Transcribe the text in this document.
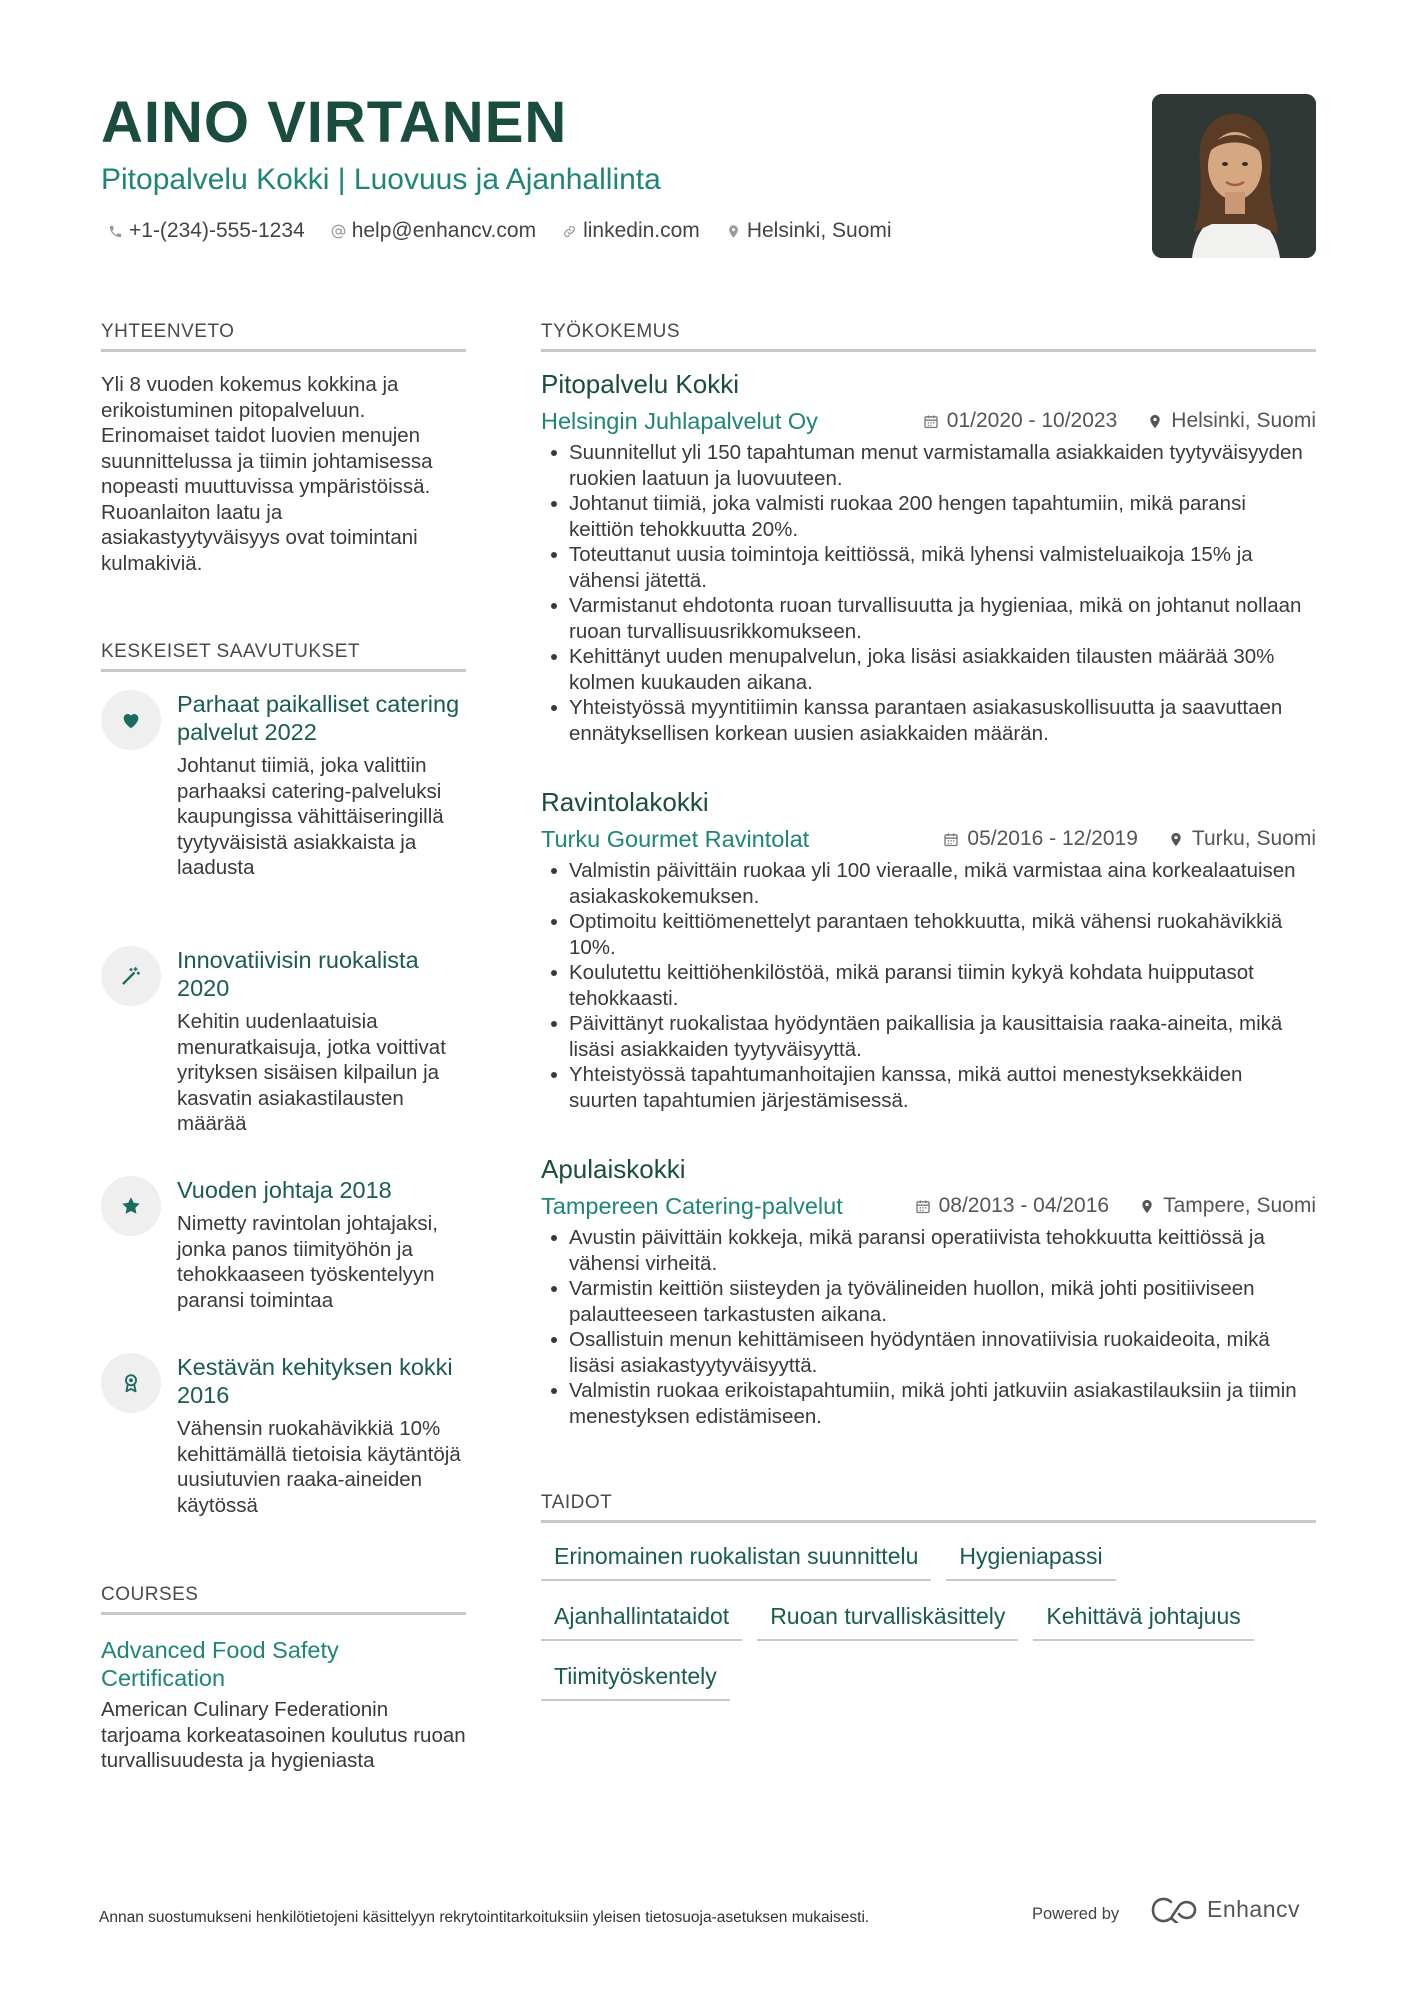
AINO VIRTANEN
Pitopalvelu Kokki | Luovuus ja Ajanhallinta
+1-(234)-555-1234 help@enhancv.com linkedin.com Helsinki, Suomi
YHTEENVETO
Yli 8 vuoden kokemus kokkina ja erikoistuminen pitopalveluun. Erinomaiset taidot luovien menujen suunnittelussa ja tiimin johtamisessa nopeasti muuttuvissa ympäristöissä. Ruoanlaiton laatu ja asiakastyytyväisyys ovat toimintani kulmakiviä.
KESKEISET SAAVUTUKSET
Parhaat paikalliset catering palvelut 2022
Johtanut tiimiä, joka valittiin parhaaksi catering-palveluksi kaupungissa vähittäiseringillä tyytyväisistä asiakkaista ja laadusta
Innovatiivisin ruokalista 2020
Kehitin uudenlaatuisia menuratkaisuja, jotka voittivat yrityksen sisäisen kilpailun ja kasvatin asiakastilausten määrää
Vuoden johtaja 2018
Nimetty ravintolan johtajaksi, jonka panos tiimityöhön ja tehokkaaseen työskentelyyn paransi toimintaa
Kestävän kehityksen kokki 2016
Vähensin ruokahävikkiä 10% kehittämällä tietoisia käytäntöjä uusiutuvien raaka-aineiden käytössä
COURSES
Advanced Food Safety Certification
American Culinary Federationin tarjoama korkeatasoinen koulutus ruoan turvallisuudesta ja hygieniasta
TYÖKOKEMUS
Pitopalvelu Kokki
Helsingin Juhlapalvelut Oy	01/2020 - 10/2023	Helsinki, Suomi
Suunnitellut yli 150 tapahtuman menut varmistamalla asiakkaiden tyytyväisyyden ruokien laatuun ja luovuuteen.
Johtanut tiimiä, joka valmisti ruokaa 200 hengen tapahtumiin, mikä paransi keittiön tehokkuutta 20%.
Toteuttanut uusia toimintoja keittiössä, mikä lyhensi valmisteluaikoja 15% ja vähensi jätettä.
Varmistanut ehdotonta ruoan turvallisuutta ja hygieniaa, mikä on johtanut nollaan ruoan turvallisuusrikkomukseen.
Kehittänyt uuden menupalvelun, joka lisäsi asiakkaiden tilausten määrää 30% kolmen kuukauden aikana.
Yhteistyössä myyntitiimin kanssa parantaen asiakasuskollisuutta ja saavuttaen ennätyksellisen korkean uusien asiakkaiden määrän.
Ravintolakokki
Turku Gourmet Ravintolat	05/2016 - 12/2019	Turku, Suomi
Valmistin päivittäin ruokaa yli 100 vieraalle, mikä varmistaa aina korkealaatuisen asiakaskokemuksen.
Optimoitu keittiömenettelyt parantaen tehokkuutta, mikä vähensi ruokahävikkiä 10%.
Koulutettu keittiöhenkilöstöä, mikä paransi tiimin kykyä kohdata huipputasot tehokkaasti.
Päivittänyt ruokalistaa hyödyntäen paikallisia ja kausittaisia raaka-aineita, mikä lisäsi asiakkaiden tyytyväisyyttä.
Yhteistyössä tapahtumanhoitajien kanssa, mikä auttoi menestyksekkäiden suurten tapahtumien järjestämisessä.
Apulaiskokki
Tampereen Catering-palvelut	08/2013 - 04/2016	Tampere, Suomi
Avustin päivittäin kokkeja, mikä paransi operatiivista tehokkuutta keittiössä ja vähensi virheitä.
Varmistin keittiön siisteyden ja työvälineiden huollon, mikä johti positiiviseen palautteeseen tarkastusten aikana.
Osallistuin menun kehittämiseen hyödyntäen innovatiivisia ruokaideoita, mikä lisäsi asiakastyytyväisyyttä.
Valmistin ruokaa erikoistapahtumiin, mikä johti jatkuviin asiakastilauksiin ja tiimin menestyksen edistämiseen.
TAIDOT
Erinomainen ruokalistan suunnittelu	Hygieniapassi
Ajanhallintataidot	Ruoan turvalliskäsittely	Kehittävä johtajuus
Tiimityöskentely
Annan suostumukseni henkilötietojeni käsittelyyn rekrytointitarkoituksiin yleisen tietosuoja-asetuksen mukaisesti.	Powered by	Enhancv
